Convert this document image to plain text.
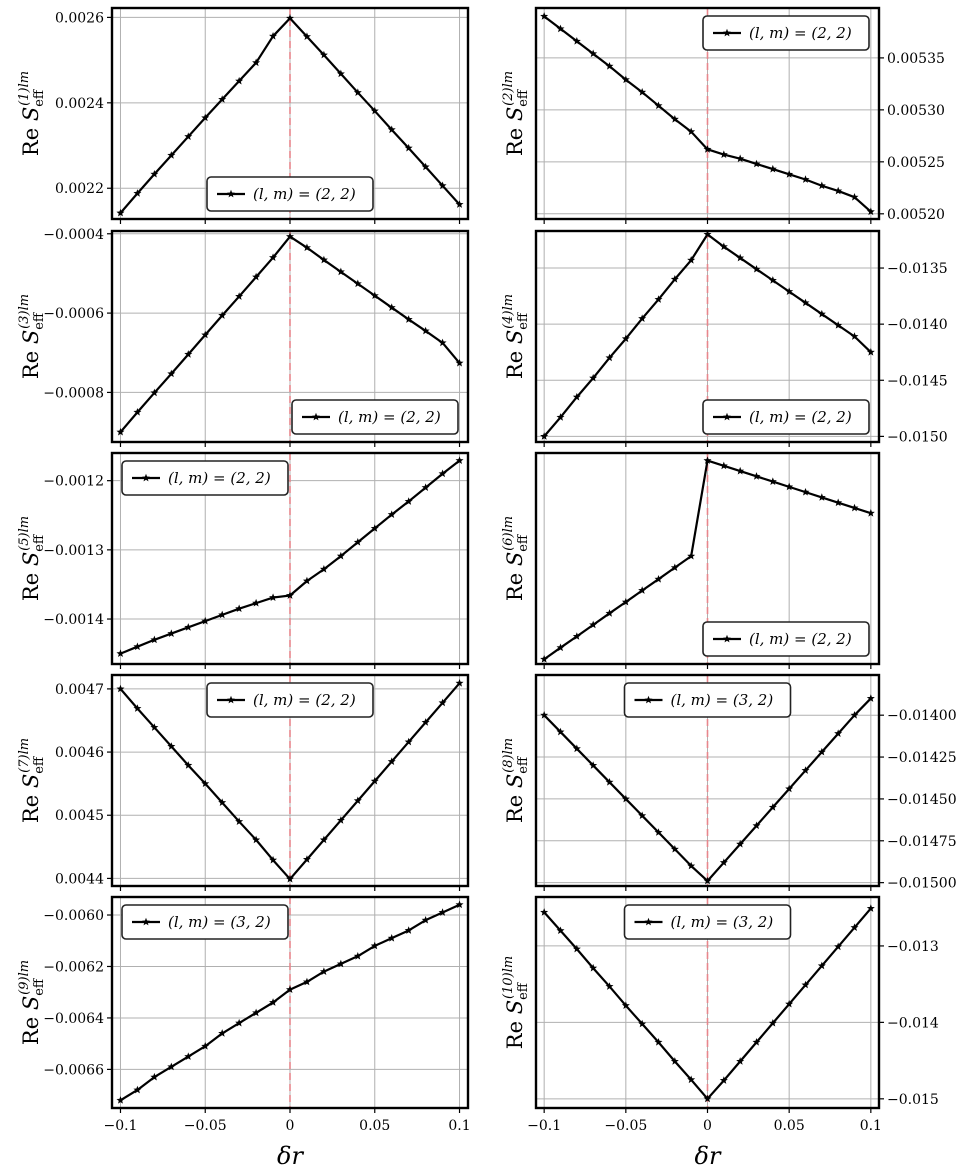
0.0022
0.0024
0.0026
Re $S_{eff}(1)lm$
(l, m) = (2, 2)
0.00520
0.00525
0.00530
0.00535
Re $S_{eff}(2)lm$
(l, m) = (2, 2)
−0.0008
−0.0006
−0.0004
Re $S_{eff}(3)lm$
(l, m) = (2, 2)
−0.0150
−0.0145
−0.0140
−0.0135
Re $S_{eff}(4)lm$
(l, m) = (2, 2)
−0.0014
−0.0013
−0.0012
Re $S_{eff}(5)lm$
(l, m) = (2, 2)
Re $S_{eff}(6)lm$
(l, m) = (2, 2)
0.0044
0.0045
0.0046
0.0047
Re $S_{eff}(7)lm$
(l, m) = (2, 2)
−0.01500
−0.01475
−0.01450
−0.01425
−0.01400
Re $S_{eff}(8)lm$
(l, m) = (3, 2)
−0.0066
−0.0064
−0.0062
−0.0060
Re $S_{eff}(9)lm$
(l, m) = (3, 2)
−0.1	−0.05	0	0.05	0.1
δr
−0.015
−0.014
−0.013
Re $S_{eff}(10)lm$
(l, m) = (3, 2)
−0.1	−0.05	0	0.05	0.1
δr
